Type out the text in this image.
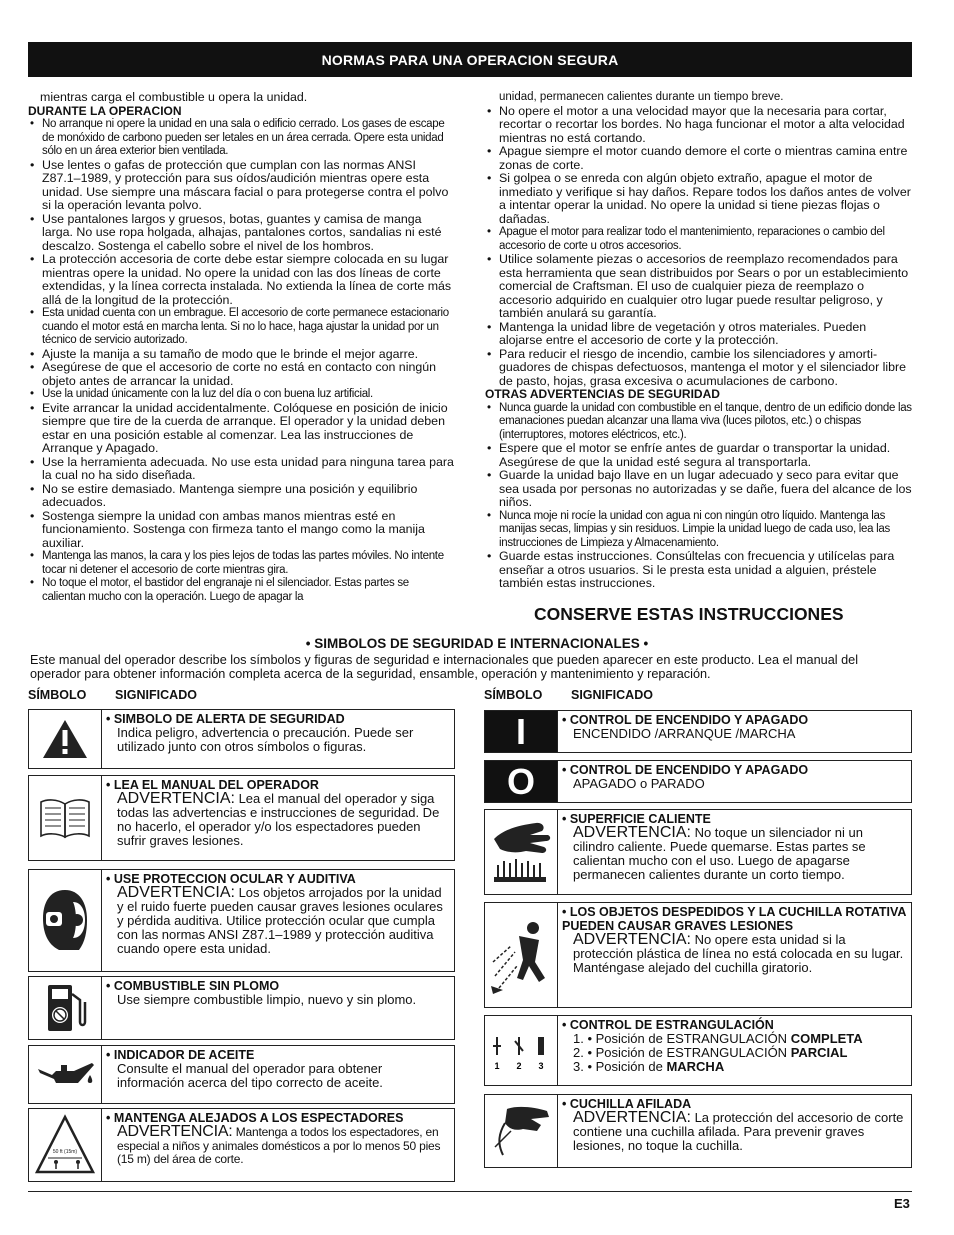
NORMAS PARA UNA OPERACION SEGURA

mientras carga el combustible u opera la unidad.

DURANTE LA OPERACION

• No arranque ni opere la unidad en una sala o edificio cerrado. Los gases de escape de monóxido de carbono pueden ser letales en un área cerrada. Opere esta unidad sólo en un área exterior bien ventilada.
• Use lentes o gafas de protección que cumplan con las normas ANSI Z87.1–1989, y protección para sus oídos/audición mientras opere esta unidad. Use siempre una máscara facial o para protegerse contra el polvo si la operación levanta polvo.
• Use pantalones largos y gruesos, botas, guantes y camisa de manga larga. No use ropa holgada, alhajas, pantalones cortos, sandalias ni esté descalzo. Sostenga el cabello sobre el nivel de los hombros.
• La protección accesoria de corte debe estar siempre colocada en su lugar mientras opere la unidad. No opere la unidad con las dos líneas de corte extendidas, y la línea correcta instalada. No extienda la línea de corte más allá de la longitud de la protección.
• Esta unidad cuenta con un embrague. El accesorio de corte permanece estacionario cuando el motor está en marcha lenta. Si no lo hace, haga ajustar la unidad por un técnico de servicio autorizado.
• Ajuste la manija a su tamaño de modo que le brinde el mejor agarre.
• Asegúrese de que el accesorio de corte no está en contacto con ningún objeto antes de arrancar la unidad.
• Use la unidad únicamente con la luz del día o con buena luz artificial.
• Evite arrancar la unidad accidentalmente. Colóquese en posición de inicio siempre que tire de la cuerda de arranque. El operador y la unidad deben estar en una posición estable al comenzar. Lea las instrucciones de Arranque y Apagado.
• Use la herramienta adecuada. No use esta unidad para ninguna tarea para la cual no ha sido diseñada.
• No se estire demasiado. Mantenga siempre una posición y equilibrio adecuados.
• Sostenga siempre la unidad con ambas manos mientras esté en funcionamiento. Sostenga con firmeza tanto el mango como la manija auxiliar.
• Mantenga las manos, la cara y los pies lejos de todas las partes móviles. No intente tocar ni detener el accesorio de corte mientras gira.
• No toque el motor, el bastidor del engranaje ni el silenciador. Estas partes se calientan mucho con la operación. Luego de apagar la

unidad, permanecen calientes durante un tiempo breve.

• No opere el motor a una velocidad mayor que la necesaria para cortar, recortar o recortar los bordes. No haga funcionar el motor a alta velocidad mientras no está cortando.
• Apague siempre el motor cuando demore el corte o mientras camina entre zonas de corte.
• Si golpea o se enreda con algún objeto extraño, apague el motor de inmediato y verifique si hay daños. Repare todos los daños antes de volver a intentar operar la unidad. No opere la unidad si tiene piezas flojas o dañadas.
• Apague el motor para realizar todo el mantenimiento, reparaciones o cambio del accesorio de corte u otros accesorios.
• Utilice solamente piezas o accesorios de reemplazo recomendados para esta herramienta que sean distribuidos por Sears o por un establecimiento comercial de Craftsman. El uso de cualquier pieza de reemplazo o accesorio adquirido en cualquier otro lugar puede resultar peligroso, y también anulará su garantía.
• Mantenga la unidad libre de vegetación y otros materiales. Pueden alojarse entre el accesorio de corte y la protección.
• Para reducir el riesgo de incendio, cambie los silenciadores y amorti-guadores de chispas defectuosos, mantenga el motor y el silenciador libre de pasto, hojas, grasa excesiva o acumulaciones de carbono.

OTRAS ADVERTENCIAS DE SEGURIDAD

• Nunca guarde la unidad con combustible en el tanque, dentro de un edificio donde las emanaciones puedan alcanzar una llama viva (luces pilotos, etc.) o chispas (interruptores, motores eléctricos, etc.).
• Espere que el motor se enfríe antes de guardar o transportar la unidad. Asegúrese de que la unidad esté segura al transportarla.
• Guarde la unidad bajo llave en un lugar adecuado y seco para evitar que sea usada por personas no autorizadas y se dañe, fuera del alcance de los niños.
• Nunca moje ni rocíe la unidad con agua ni con ningún otro líquido. Mantenga las manijas secas, limpias y sin residuos. Limpie la unidad luego de cada uso, lea las instrucciones de Limpieza y Almacenamiento.
• Guarde estas instrucciones. Consúltelas con frecuencia y utilícelas para enseñar a otros usuarios. Si le presta esta unidad a alguien, préstele también estas instrucciones.
CONSERVE ESTAS INSTRUCCIONES
• SIMBOLOS DE SEGURIDAD E INTERNACIONALES •
Este manual del operador describe los símbolos y figuras de seguridad e internacionales que pueden aparecer en este producto. Lea el manual del operador para obtener información completa acerca de la seguridad, ensamble, operación y mantenimiento y reparación.
SÍMBOLO SIGNIFICADO	SÍMBOLO SIGNIFICADO
• SIMBOLO DE ALERTA DE SEGURIDAD
Indica peligro, advertencia o precaución. Puede ser utilizado junto con otros símbolos o figuras.
• LEA EL MANUAL DEL OPERADOR
ADVERTENCIA: Lea el manual del operador y siga todas las advertencias e instrucciones de seguridad. De no hacerlo, el operador y/o los espectadores pueden sufrir graves lesiones.
• USE PROTECCION OCULAR Y AUDITIVA
ADVERTENCIA: Los objetos arrojados por la unidad y el ruido fuerte pueden causar graves lesiones oculares y pérdida auditiva. Utilice protección ocular que cumpla con las normas ANSI Z87.1–1989 y protección auditiva cuando opere esta unidad.
• COMBUSTIBLE SIN PLOMO
Use siempre combustible limpio, nuevo y sin plomo.
• INDICADOR DE ACEITE
Consulte el manual del operador para obtener información acerca del tipo correcto de aceite.
50 ft (15m)
• MANTENGA ALEJADOS A LOS ESPECTADORES
ADVERTENCIA: Mantenga a todos los espectadores, en especial a niños y animales domésticos a por lo menos 50 pies (15 m) del área de corte.
I	• CONTROL DE ENCENDIDO Y APAGADO
ENCENDIDO /ARRANQUE /MARCHA
O • CONTROL DE ENCENDIDO Y APAGADO
APAGADO o PARADO
• SUPERFICIE CALIENTE
ADVERTENCIA: No toque un silenciador ni un cilindro caliente. Puede quemarse. Estas partes se calientan mucho con el uso. Luego de apagarse permanecen calientes durante un corto tiempo.
• LOS OBJETOS DESPEDIDOS Y LA CUCHILLA ROTATIVA PUEDEN CAUSAR GRAVES LESIONES
ADVERTENCIA: No opere esta unidad si la protección plástica de línea no está colocada en su lugar. Manténgase alejado del cuchilla giratorio.
1 2 3
• CONTROL DE ESTRANGULACIÓN
1. • Posición de ESTRANGULACIÓN COMPLETA
2. • Posición de ESTRANGULACIÓN PARCIAL
3. • Posición de MARCHA
• CUCHILLA AFILADA
ADVERTENCIA: La protección del accesorio de corte contiene una cuchilla afilada. Para prevenir graves lesiones, no toque la cuchilla.
E3
